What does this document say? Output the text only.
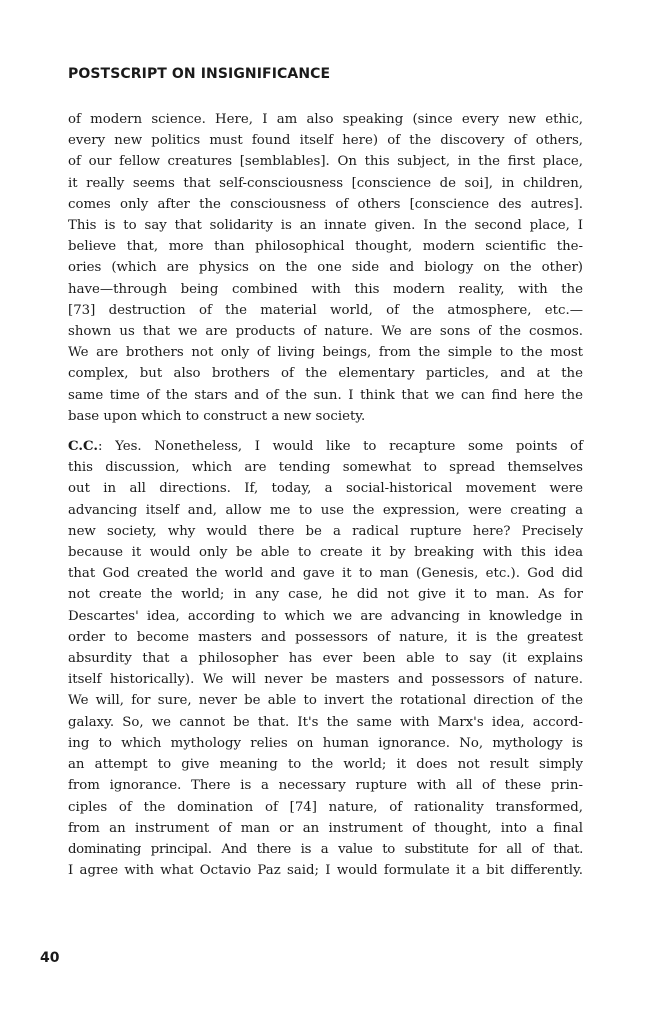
POSTSCRIPT ON INSIGNIFICANCE

of modern science. Here, I am also speaking (since every new ethic,
every new politics must found itself here) of the discovery of others,
of our fellow creatures [semblables]. On this subject, in the first place,
it really seems that self-consciousness [conscience de soi], in children,
comes only after the consciousness of others [conscience des autres].
This is to say that solidarity is an innate given. In the second place, I
believe that, more than philosophical thought, modern scientific the-
ories (which are physics on the one side and biology on the other)
have—through being combined with this modern reality, with the
[73] destruction of the material world, of the atmosphere, etc.—
shown us that we are products of nature. We are sons of the cosmos.
We are brothers not only of living beings, from the simple to the most
complex, but also brothers of the elementary particles, and at the
same time of the stars and of the sun. I think that we can find here the
base upon which to construct a new society.

C.C.: Yes. Nonetheless, I would like to recapture some points of
this discussion, which are tending somewhat to spread themselves
out in all directions. If, today, a social-historical movement were
advancing itself and, allow me to use the expression, were creating a
new society, why would there be a radical rupture here? Precisely
because it would only be able to create it by breaking with this idea
that God created the world and gave it to man (Genesis, etc.). God did
not create the world; in any case, he did not give it to man. As for
Descartes' idea, according to which we are advancing in knowledge in
order to become masters and possessors of nature, it is the greatest
absurdity that a philosopher has ever been able to say (it explains
itself historically). We will never be masters and possessors of nature.
We will, for sure, never be able to invert the rotational direction of the
galaxy. So, we cannot be that. It's the same with Marx's idea, accord-
ing to which mythology relies on human ignorance. No, mythology is
an attempt to give meaning to the world; it does not result simply
from ignorance. There is a necessary rupture with all of these prin-
ciples of the domination of [74] nature, of rationality transformed,
from an instrument of man or an instrument of thought, into a final
dominating principal. And there is a value to substitute for all of that.
I agree with what Octavio Paz said; I would formulate it a bit differently.

40
